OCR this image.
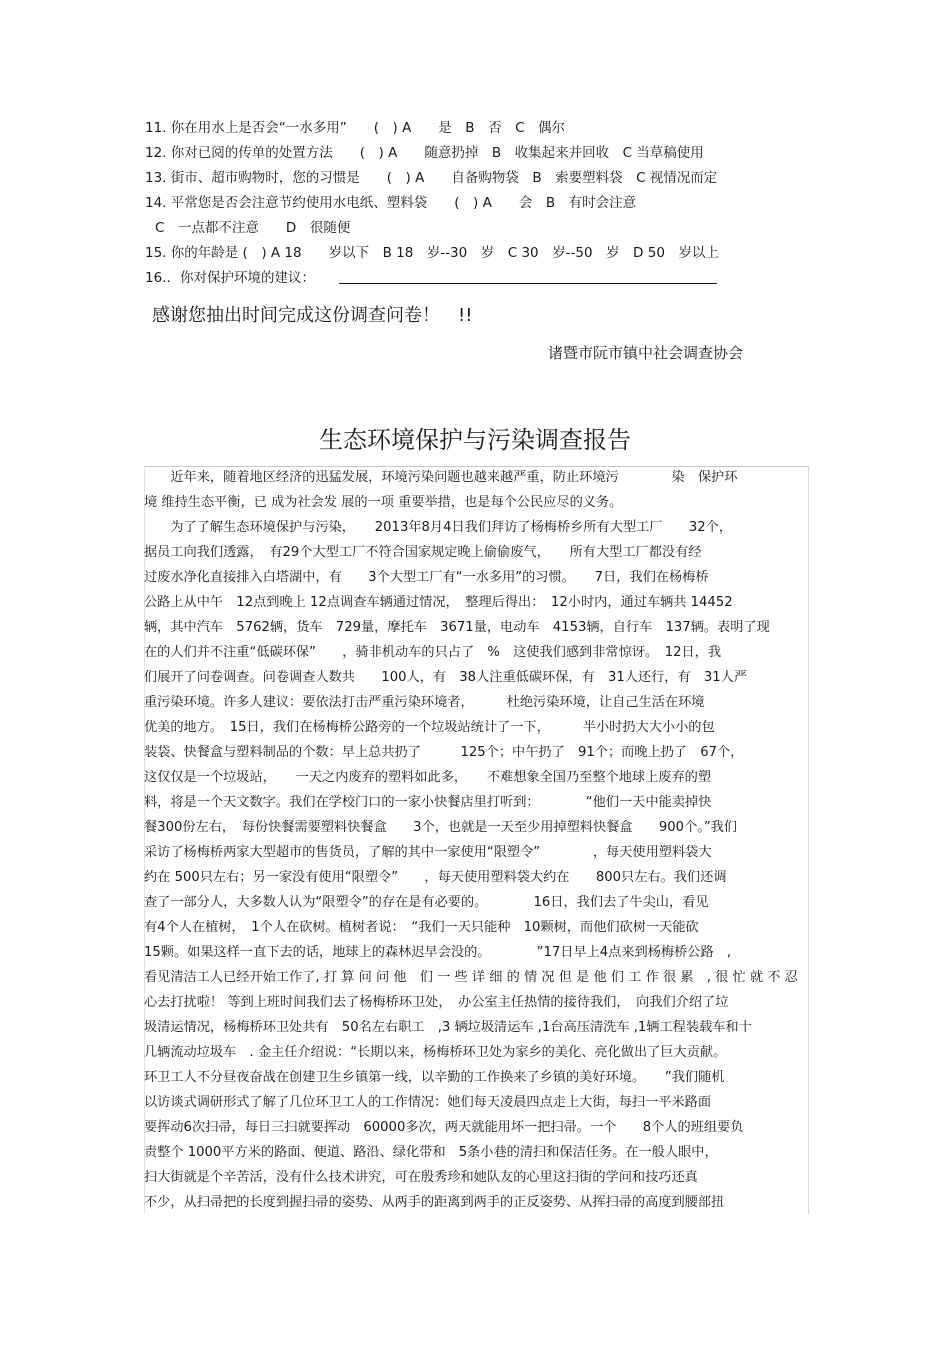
11. 你在用水上是否会“一水多用”　　(　) A　　是　B　否　C　偶尔
12. 你对已阅的传单的处置方法　　(　) A　　随意扔掉　B　收集起来并回收　C 当草稿使用
13. 街市、超市购物时，您的习惯是　　(　) A　　自备购物袋　B　索要塑料袋　C 视情况而定
14. 平常您是否会注意节约使用水电纸、塑料袋　　(　) A　　会　B　有时会注意
C　一点都不注意　　D　很随便
15. 你的年龄是 (　) A 18　　岁以下　B 18　岁--30　岁　C 30　岁--50　岁　D 50　岁以上
16.．你对保护环境的建议：
感谢您抽出时间完成这份调查问卷！　!!
诸暨市阮市镇中社会调查协会
生态环境保护与污染调查报告
　　近年来，随着地区经济的迅猛发展，环境污染问题也越来越严重，防止环境污　　　　染　保护环
境 维持生态平衡，已 成为社会发 展的一项 重要举措，也是每个公民应尽的义务。
　　为了了解生态环境保护与污染，　　2013年8月4日我们拜访了杨梅桥乡所有大型工厂　　32个，
据员工向我们透露，　有29个大型工厂不符合国家规定晚上偷偷废气，　　所有大型工厂都没有经
过废水净化直接排入白塔湖中，有　　3个大型工厂有“一水多用”的习惯。　　7日，我们在杨梅桥
公路上从中午　12点到晚上 12点调查车辆通过情况，　整理后得出：　12小时内，通过车辆共 14452
辆，其中汽车　5762辆，货车　729量，摩托车　3671量，电动车　4153辆，自行车　137辆。表明了现
在的人们并不注重“低碳环保”　　，骑非机动车的只占了　%　这使我们感到非常惊讶。　12日，我
们展开了问卷调查。问卷调查人数共　　100人，有　38人注重低碳环保，有　31人还行，有　31人严
重污染环境。许多人建议：要依法打击严重污染环境者，　　　杜绝污染环境，让自己生活在环境
优美的地方。　15日，我们在杨梅桥公路旁的一个垃圾站统计了一下，　　　半小时扔大大小小的包
装袋、快餐盒与塑料制品的个数：早上总共扔了　　　125个；中午扔了　91个；而晚上扔了　67个，
这仅仅是一个垃圾站，　　一天之内废弃的塑料如此多，　　不难想象全国乃至整个地球上废弃的塑
料，将是一个天文数字。我们在学校门口的一家小快餐店里打听到：　　　　“他们一天中能卖掉快
餐300份左右，　每份快餐需要塑料快餐盒　　3个，也就是一天至少用掉塑料快餐盒　　900个。”我们
采访了杨梅桥两家大型超市的售货员，了解的其中一家使用“限塑令”　　　　，每天使用塑料袋大
约在 500只左右；另一家没有使用“限塑令”　　，每天使用塑料袋大约在　　800只左右。我们还调
查了一部分人，大多数人认为“限塑令”的存在是有必要的。　　　　16日，我们去了牛尖山，看见
有4个人在植树，　1个人在砍树。植树者说：　“我们一天只能种　10颗树，而他们砍树一天能砍
15颗。如果这样一直下去的话，地球上的森林迟早会没的。　　　　”17日早上4点来到杨梅桥公路　,
看见清洁工人已经开始工作了, 打 算 问 问 他　们 一 些 详 细 的 情 况 但 是 他 们 工 作 很 累　, 很 忙 就 不 忍
心去打扰啦！ 等到上班时间我们去了杨梅桥环卫处，　办公室主任热情的接待我们，　向我们介绍了垃
圾清运情况，杨梅桥环卫处共有　50名左右职工　,3 辆垃圾清运车 ,1台高压清洗车 ,1辆工程装载车和十
几辆流动垃圾车　. 金主任介绍说：“长期以来，杨梅桥环卫处为家乡的美化、亮化做出了巨大贡献。
环卫工人不分昼夜奋战在创建卫生乡镇第一线，以辛勤的工作换来了乡镇的美好环境。　　”我们随机
以访谈式调研形式了解了几位环卫工人的工作情况：她们每天凌晨四点走上大街，每扫一平米路面
要挥动6次扫帚，每日三扫就要挥动　60000多次，两天就能用坏一把扫帚。一个　　8个人的班组要负
责整个 1000平方米的路面、便道、路沿、绿化带和　5条小巷的清扫和保洁任务。在一般人眼中，
扫大街就是个辛苦活，没有什么技术讲究，可在殷秀珍和她队友的心里这扫街的学问和技巧还真
不少，从扫帚把的长度到握扫帚的姿势、从两手的距离到两手的正反姿势、从挥扫帚的高度到腰部扭
